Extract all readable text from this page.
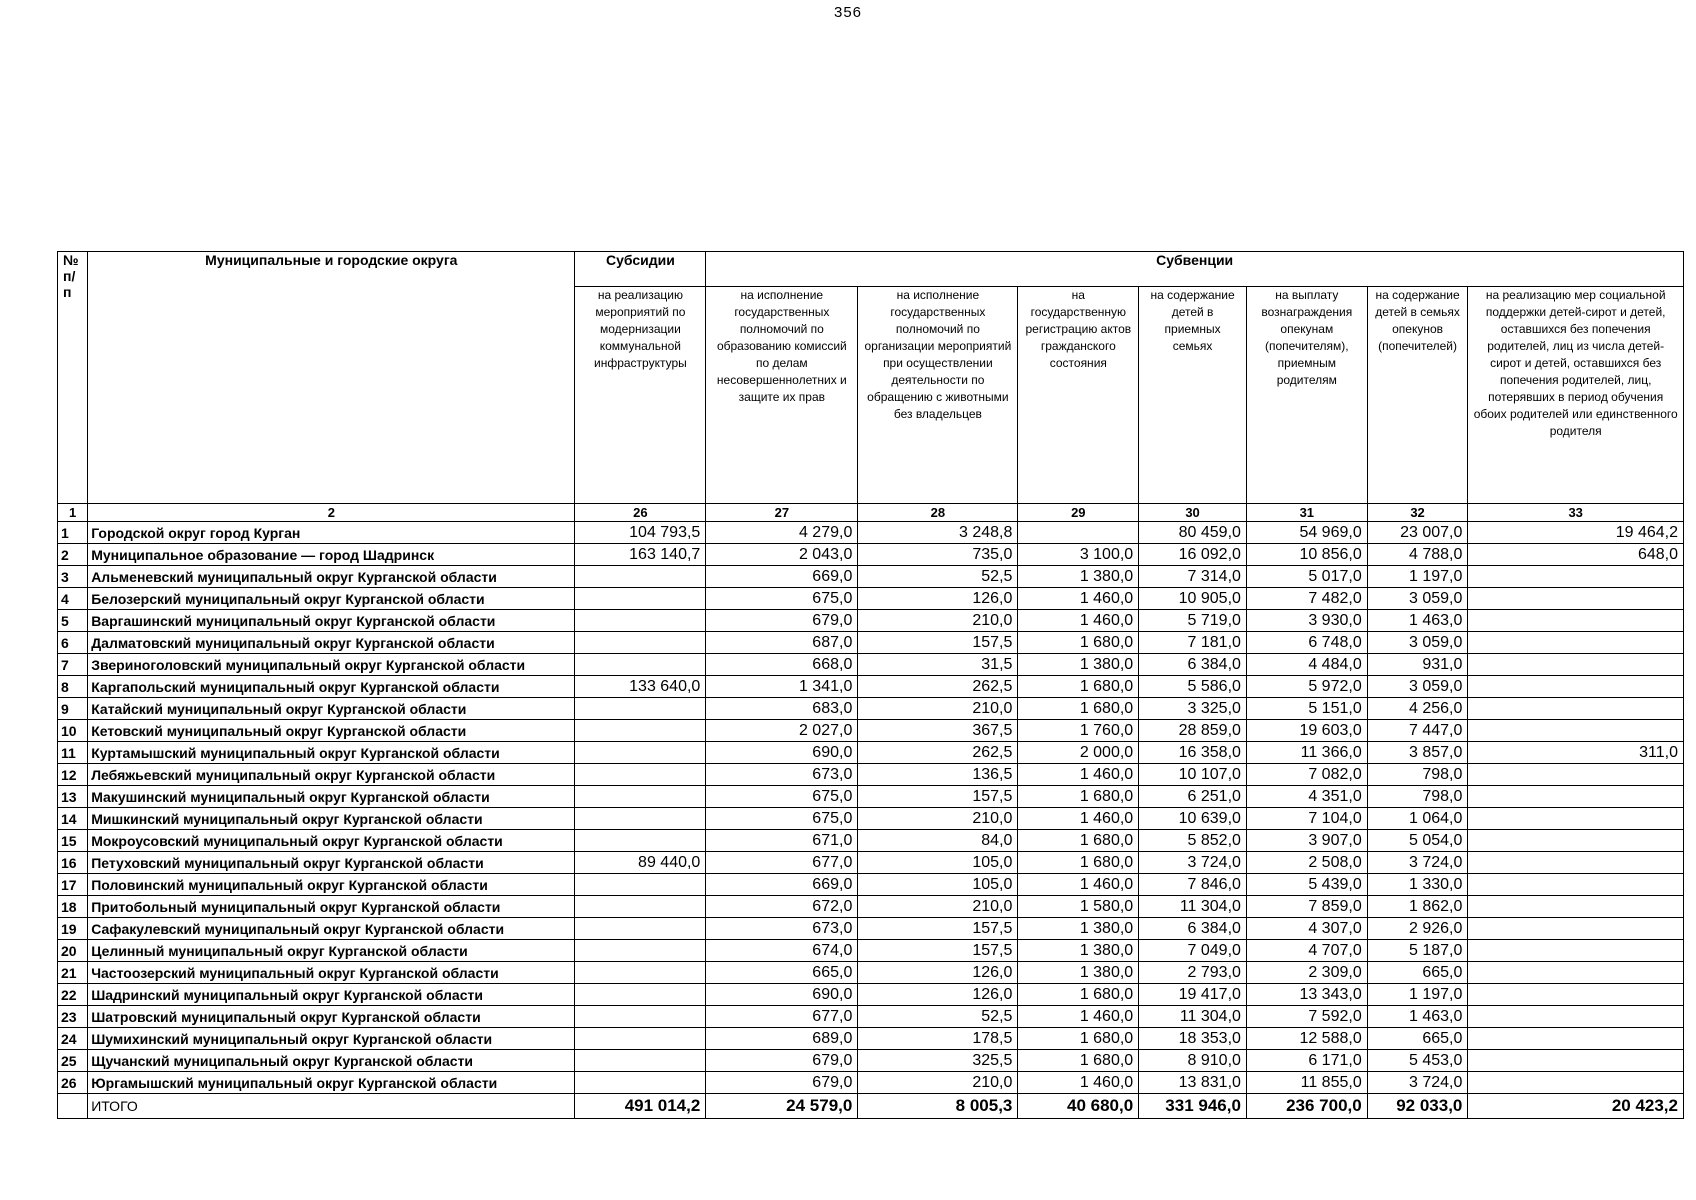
356
№ п/п	Муниципальные и городские округа	Субсидии	Субвенции						
		на реализацию мероприятий по модернизации коммунальной инфраструктуры	на исполнение государственных полномочий по образованию комиссий по делам несовершеннолетних и защите их прав	на исполнение государственных полномочий по организации мероприятий при осуществлении деятельности по обращению с животными без владельцев	на государственную регистрацию актов гражданского состояния	на содержание детей в приемных семьях	на выплату вознаграждения опекунам (попечителям), приемным родителям	на содержание детей в семьях опекунов (попечителей)	на реализацию мер социальной поддержки детей-сирот и детей, оставшихся без попечения родителей, лиц из числа детей-сирот и детей, оставшихся без попечения родителей, лиц, потерявших в период обучения обоих родителей или единственного родителя
1	2	26	27	28	29	30	31	32	33
1	Городской округ город Курган	104 793,5	4 279,0	3 248,8		80 459,0	54 969,0	23 007,0	19 464,2
2	Муниципальное образование — город Шадринск	163 140,7	2 043,0	735,0	3 100,0	16 092,0	10 856,0	4 788,0	648,0
3	Альменевский муниципальный округ Курганской области		669,0	52,5	1 380,0	7 314,0	5 017,0	1 197,0	
4	Белозерский муниципальный округ Курганской области		675,0	126,0	1 460,0	10 905,0	7 482,0	3 059,0	
5	Варгашинский муниципальный округ Курганской области		679,0	210,0	1 460,0	5 719,0	3 930,0	1 463,0	
6	Далматовский муниципальный округ Курганской области		687,0	157,5	1 680,0	7 181,0	6 748,0	3 059,0	
7	Звериноголовский муниципальный округ Курганской области		668,0	31,5	1 380,0	6 384,0	4 484,0	931,0	
8	Каргапольский муниципальный округ Курганской области	133 640,0	1 341,0	262,5	1 680,0	5 586,0	5 972,0	3 059,0	
9	Катайский муниципальный округ Курганской области		683,0	210,0	1 680,0	3 325,0	5 151,0	4 256,0	
10	Кетовский муниципальный округ Курганской области		2 027,0	367,5	1 760,0	28 859,0	19 603,0	7 447,0	
11	Куртамышский муниципальный округ Курганской области		690,0	262,5	2 000,0	16 358,0	11 366,0	3 857,0	311,0
12	Лебяжьевский муниципальный округ Курганской области		673,0	136,5	1 460,0	10 107,0	7 082,0	798,0	
13	Макушинский муниципальный округ Курганской области		675,0	157,5	1 680,0	6 251,0	4 351,0	798,0	
14	Мишкинский муниципальный округ Курганской области		675,0	210,0	1 460,0	10 639,0	7 104,0	1 064,0	
15	Мокроусовский муниципальный округ Курганской области		671,0	84,0	1 680,0	5 852,0	3 907,0	5 054,0	
16	Петуховский муниципальный округ Курганской области	89 440,0	677,0	105,0	1 680,0	3 724,0	2 508,0	3 724,0	
17	Половинский муниципальный округ Курганской области		669,0	105,0	1 460,0	7 846,0	5 439,0	1 330,0	
18	Притобольный муниципальный округ Курганской области		672,0	210,0	1 580,0	11 304,0	7 859,0	1 862,0	
19	Сафакулевский муниципальный округ Курганской области		673,0	157,5	1 380,0	6 384,0	4 307,0	2 926,0	
20	Целинный муниципальный округ Курганской области		674,0	157,5	1 380,0	7 049,0	4 707,0	5 187,0	
21	Частоозерский муниципальный округ Курганской области		665,0	126,0	1 380,0	2 793,0	2 309,0	665,0	
22	Шадринский муниципальный округ Курганской области		690,0	126,0	1 680,0	19 417,0	13 343,0	1 197,0	
23	Шатровский муниципальный округ Курганской области		677,0	52,5	1 460,0	11 304,0	7 592,0	1 463,0	
24	Шумихинский муниципальный округ Курганской области		689,0	178,5	1 680,0	18 353,0	12 588,0	665,0	
25	Щучанский муниципальный округ Курганской области		679,0	325,5	1 680,0	8 910,0	6 171,0	5 453,0	
26	Юргамышский муниципальный округ Курганской области		679,0	210,0	1 460,0	13 831,0	11 855,0	3 724,0	
	ИТОГО	491 014,2	24 579,0	8 005,3	40 680,0	331 946,0	236 700,0	92 033,0	20 423,2
